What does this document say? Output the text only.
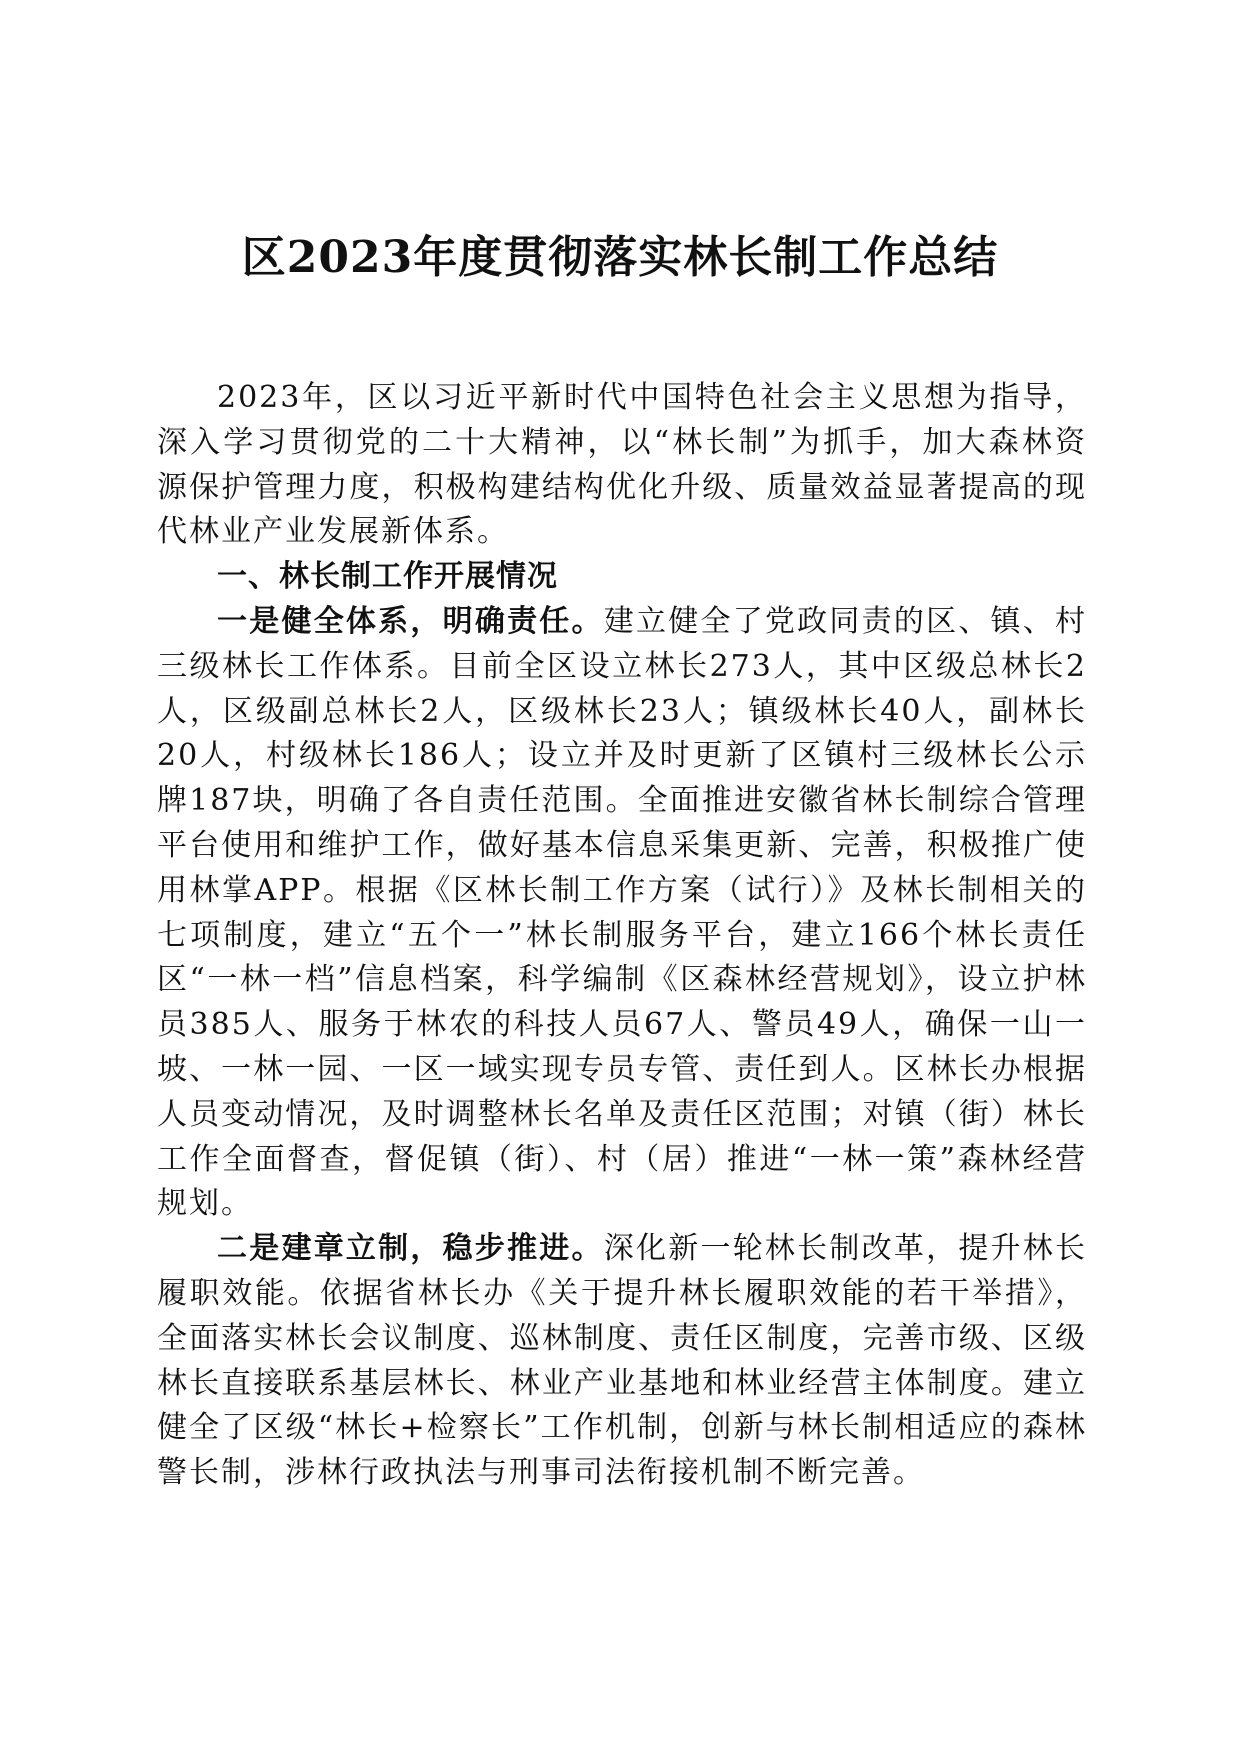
区2023年度贯彻落实林长制工作总结

2023年，区以习近平新时代中国特色社会主义思想为指导，深入学习贯彻党的二十大精神，以“林长制”为抓手，加大森林资源保护管理力度，积极构建结构优化升级、质量效益显著提高的现代林业产业发展新体系。

一、林长制工作开展情况

一是健全体系，明确责任。建立健全了党政同责的区、镇、村三级林长工作体系。目前全区设立林长273人，其中区级总林长2人，区级副总林长2人，区级林长23人；镇级林长40人，副林长20人，村级林长186人；设立并及时更新了区镇村三级林长公示牌187块，明确了各自责任范围。全面推进安徽省林长制综合管理平台使用和维护工作，做好基本信息采集更新、完善，积极推广使用林掌APP。根据《区林长制工作方案（试行）》及林长制相关的七项制度，建立“五个一”林长制服务平台，建立166个林长责任区“一林一档”信息档案，科学编制《区森林经营规划》，设立护林员385人、服务于林农的科技人员67人、警员49人，确保一山一坡、一林一园、一区一域实现专员专管、责任到人。区林长办根据人员变动情况，及时调整林长名单及责任区范围；对镇（街）林长工作全面督查，督促镇（街）、村（居）推进“一林一策”森林经营规划。

二是建章立制，稳步推进。深化新一轮林长制改革，提升林长履职效能。依据省林长办《关于提升林长履职效能的若干举措》，全面落实林长会议制度、巡林制度、责任区制度，完善市级、区级林长直接联系基层林长、林业产业基地和林业经营主体制度。建立健全了区级“林长+检察长”工作机制，创新与林长制相适应的森林警长制，涉林行政执法与刑事司法衔接机制不断完善。
